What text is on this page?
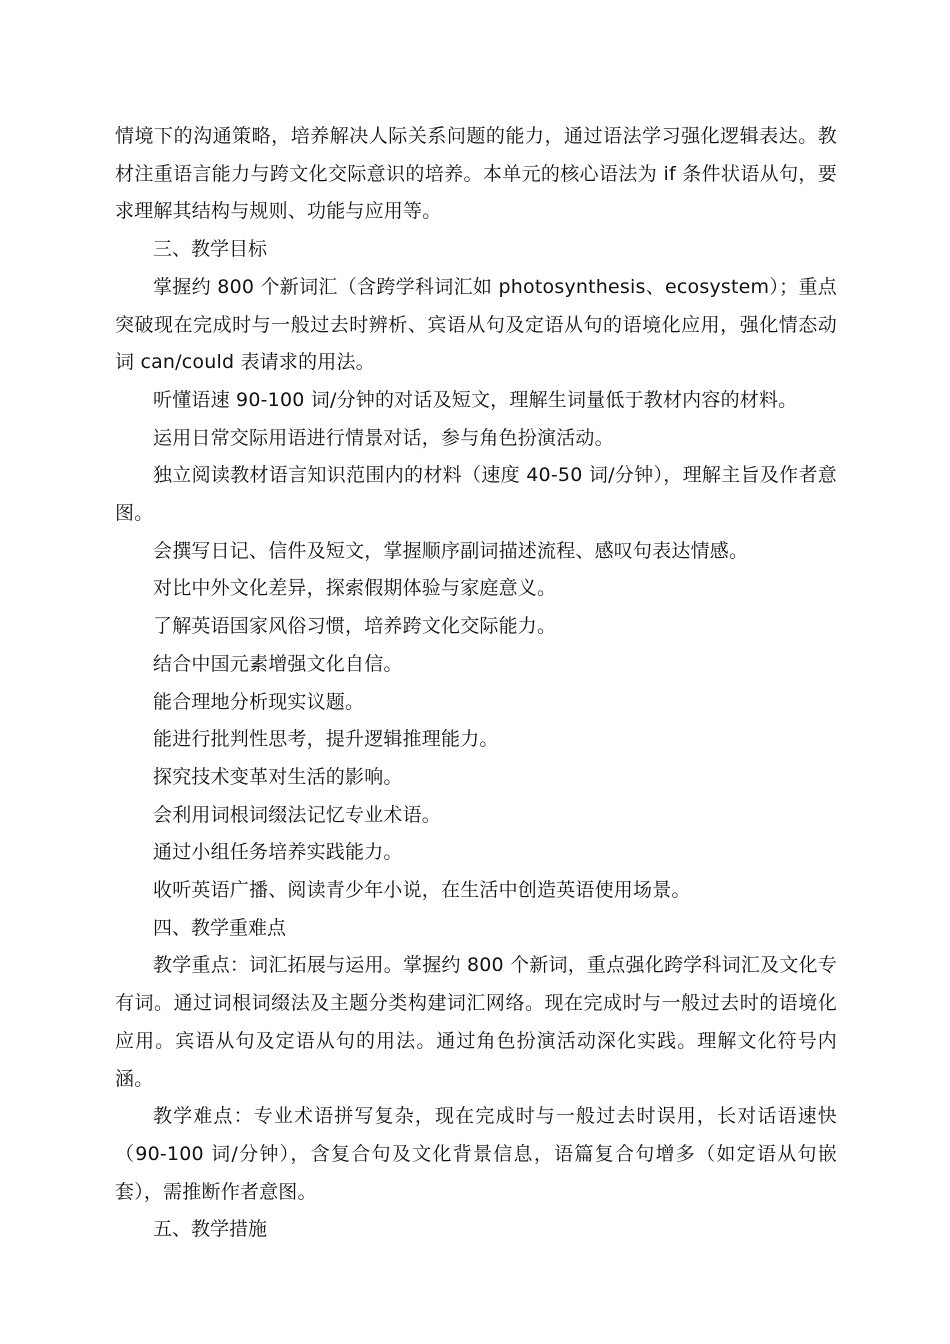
情境下的沟通策略，培养解决人际关系问题的能力，通过语法学习强化逻辑表达。教材注重语言能力与跨文化交际意识的培养。本单元的核心语法为 if 条件状语从句，要求理解其结构与规则、功能与应用等。

三、教学目标

掌握约 800 个新词汇（含跨学科词汇如 photosynthesis、ecosystem）；重点突破现在完成时与一般过去时辨析、宾语从句及定语从句的语境化应用，强化情态动词 can/could 表请求的用法。

听懂语速 90-100 词/分钟的对话及短文，理解生词量低于教材内容的材料。

运用日常交际用语进行情景对话，参与角色扮演活动。

独立阅读教材语言知识范围内的材料（速度 40-50 词/分钟），理解主旨及作者意图。

会撰写日记、信件及短文，掌握顺序副词描述流程、感叹句表达情感。

对比中外文化差异，探索假期体验与家庭意义。

了解英语国家风俗习惯，培养跨文化交际能力。

结合中国元素增强文化自信。

能合理地分析现实议题。

能进行批判性思考，提升逻辑推理能力。

探究技术变革对生活的影响。

会利用词根词缀法记忆专业术语。

通过小组任务培养实践能力。

收听英语广播、阅读青少年小说，在生活中创造英语使用场景。

四、教学重难点

教学重点：词汇拓展与运用。掌握约 800 个新词，重点强化跨学科词汇及文化专有词。通过词根词缀法及主题分类构建词汇网络。现在完成时与一般过去时的语境化应用。宾语从句及定语从句的用法。通过角色扮演活动深化实践。理解文化符号内涵。

教学难点：专业术语拼写复杂，现在完成时与一般过去时误用，长对话语速快（90-100 词/分钟），含复合句及文化背景信息，语篇复合句增多（如定语从句嵌套），需推断作者意图。

五、教学措施
